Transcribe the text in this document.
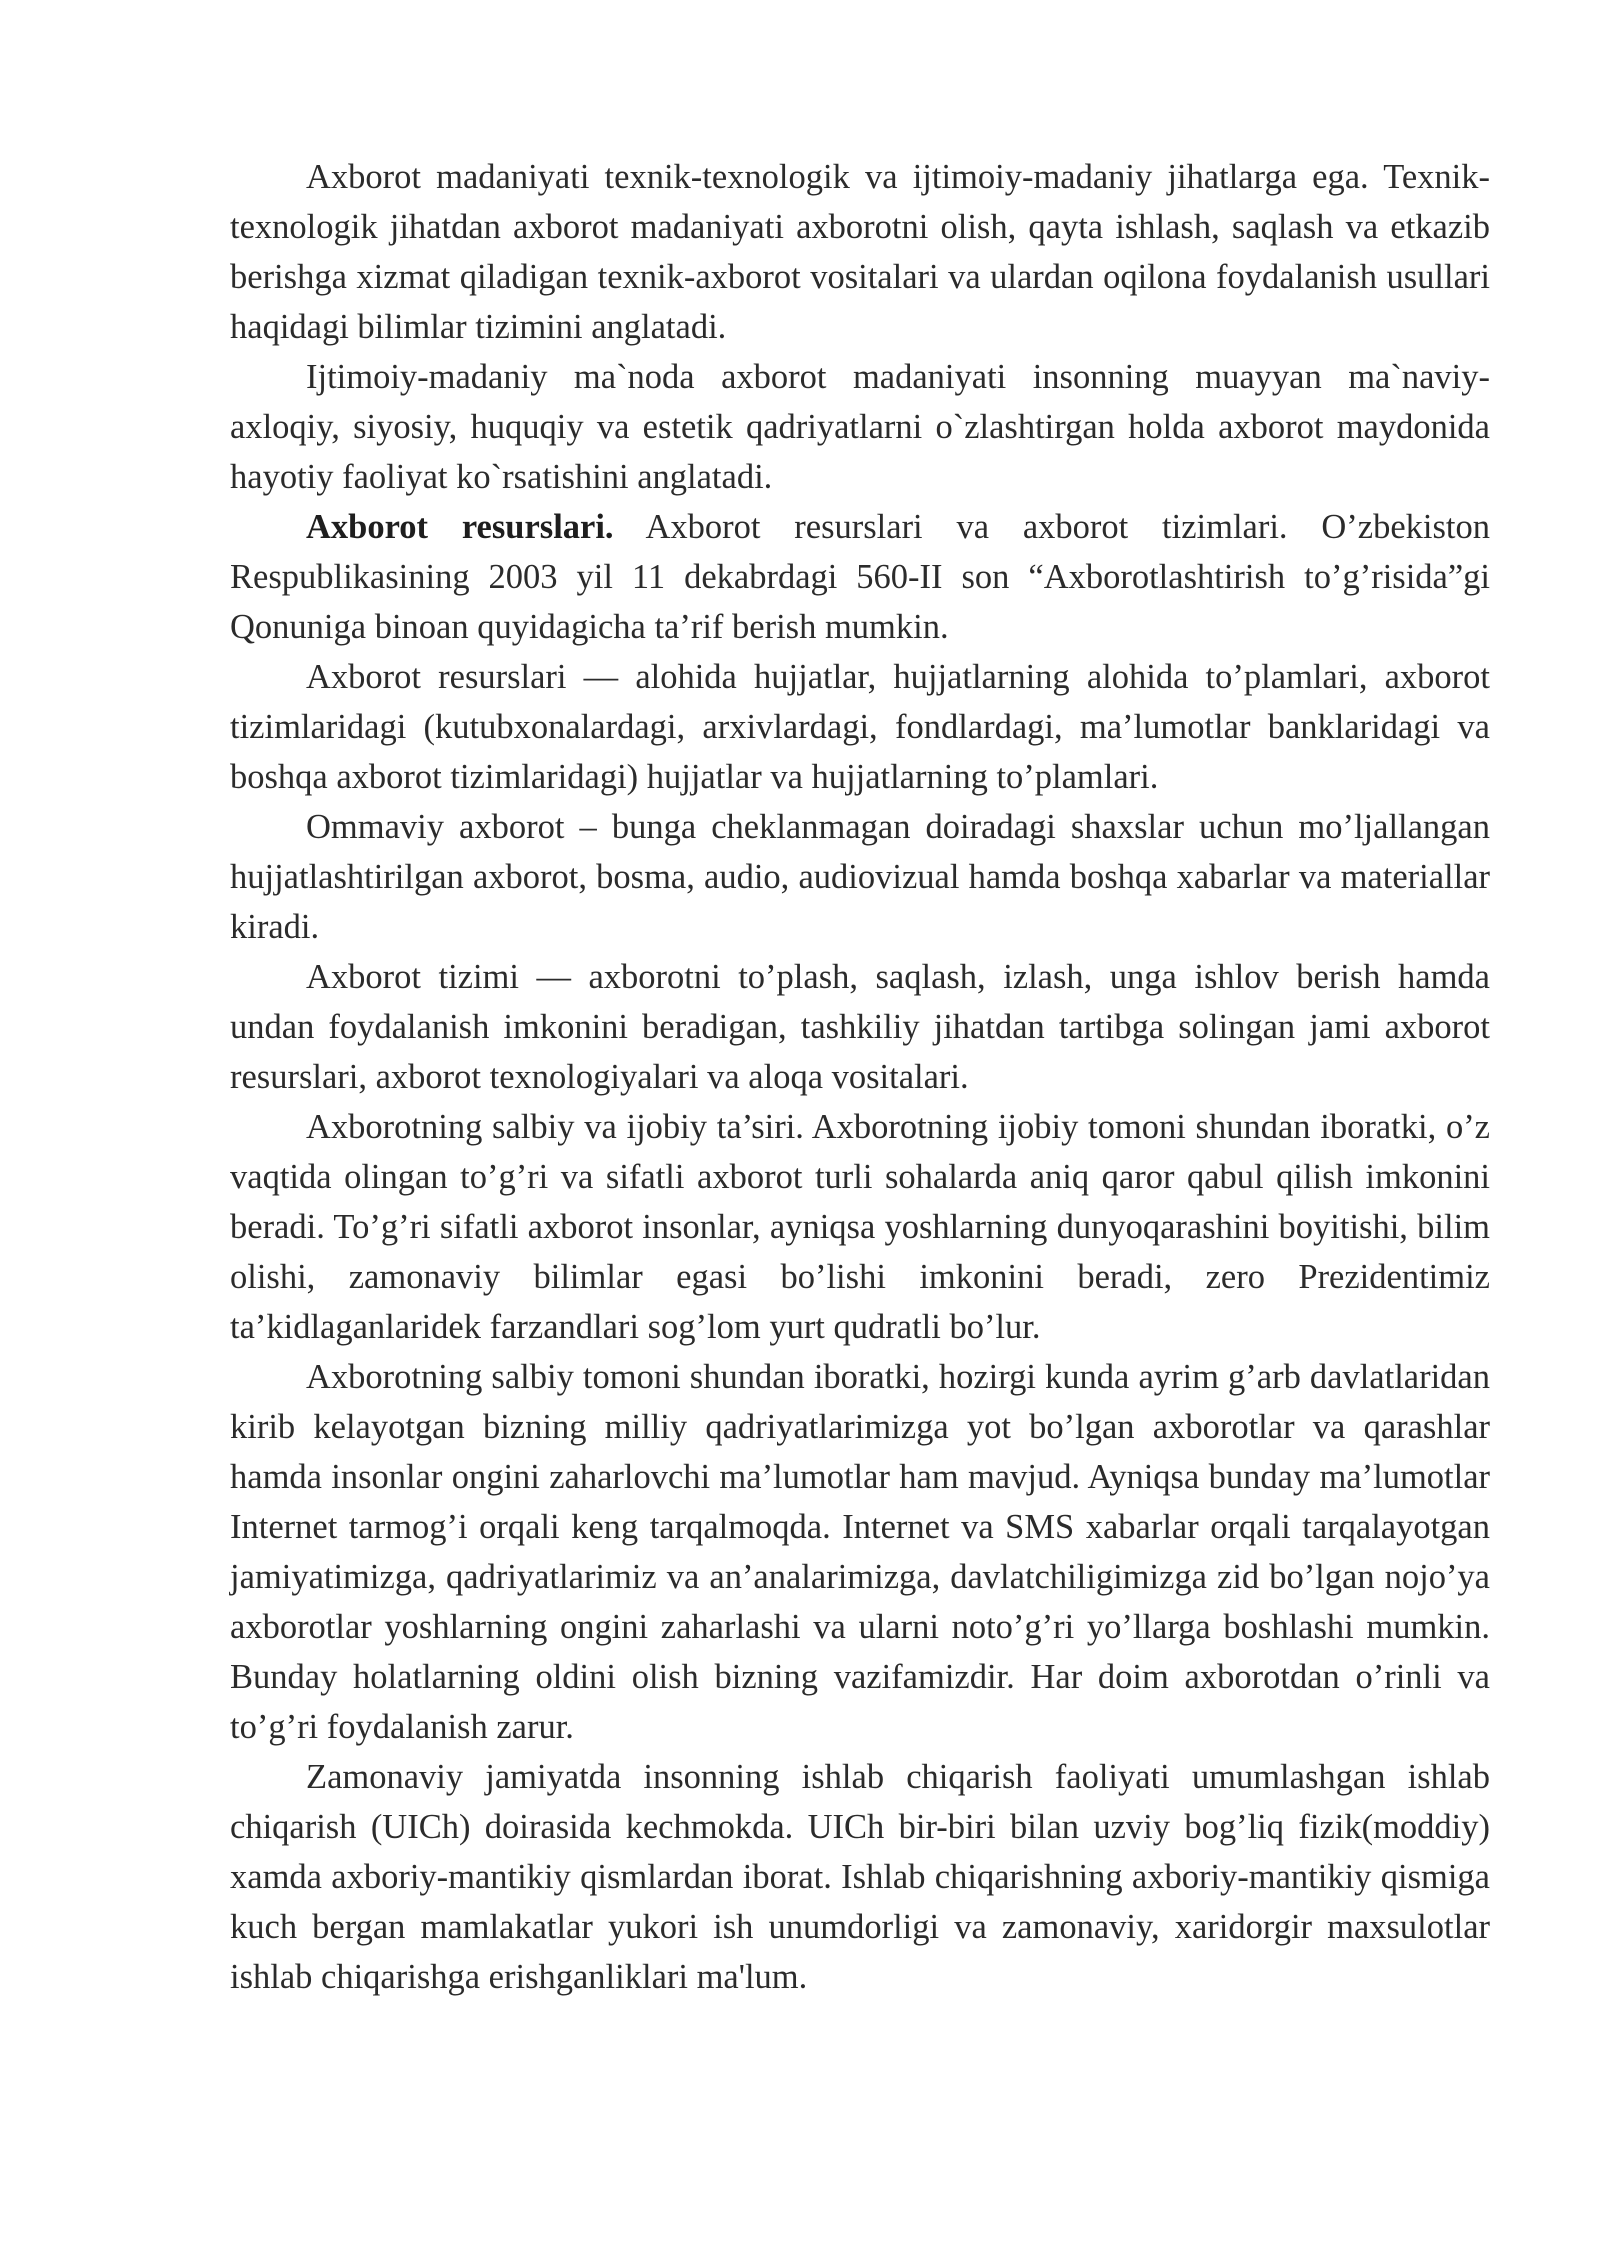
Axborot madaniyati texnik-texnologik va ijtimoiy-madaniy jihatlarga ega. Texnik-texnologik jihatdan axborot madaniyati axborotni olish, qayta ishlash, saqlash va etkazib berishga xizmat qiladigan texnik-axborot vositalari va ulardan oqilona foydalanish usullari haqidagi bilimlar tizimini anglatadi.

Ijtimoiy-madaniy ma`noda axborot madaniyati insonning muayyan ma`naviy-axloqiy, siyosiy, huquqiy va estetik qadriyatlarni o`zlashtirgan holda axborot maydonida hayotiy faoliyat ko`rsatishini anglatadi.

Axborot resurslari. Axborot resurslari va axborot tizimlari. O’zbekiston Respublikasining 2003 yil 11 dekabrdagi 560-II son “Axborotlashtirish to’g’risida”gi Qonuniga binoan quyidagicha ta’rif berish mumkin.

Axborot resurslari — alohida hujjatlar, hujjatlarning alohida to’plamlari, axborot tizimlaridagi (kutubxonalardagi, arxivlardagi, fondlardagi, ma’lumotlar banklaridagi va boshqa axborot tizimlaridagi) hujjatlar va hujjatlarning to’plamlari.

Ommaviy axborot – bunga cheklanmagan doiradagi shaxslar uchun mo’ljallangan hujjatlashtirilgan axborot, bosma, audio, audiovizual hamda boshqa xabarlar va materiallar kiradi.

Axborot tizimi — axborotni to’plash, saqlash, izlash, unga ishlov berish hamda undan foydalanish imkonini beradigan, tashkiliy jihatdan tartibga solingan jami axborot resurslari, axborot texnologiyalari va aloqa vositalari.

Axborotning salbiy va ijobiy ta’siri. Axborotning ijobiy tomoni shundan iboratki, o’z vaqtida olingan to’g’ri va sifatli axborot turli sohalarda aniq qaror qabul qilish imkonini beradi. To’g’ri sifatli axborot insonlar, ayniqsa yoshlarning dunyoqarashini boyitishi, bilim olishi, zamonaviy bilimlar egasi bo’lishi imkonini beradi, zero Prezidentimiz ta’kidlaganlaridek farzandlari sog’lom yurt qudratli bo’lur.

Axborotning salbiy tomoni shundan iboratki, hozirgi kunda ayrim g’arb davlatlaridan kirib kelayotgan bizning milliy qadriyatlarimizga yot bo’lgan axborotlar va qarashlar hamda insonlar ongini zaharlovchi ma’lumotlar ham mavjud. Ayniqsa bunday ma’lumotlar Internet tarmog’i orqali keng tarqalmoqda. Internet va SMS xabarlar orqali tarqalayotgan jamiyatimizga, qadriyatlarimiz va an’analarimizga, davlatchiligimizga zid bo’lgan nojo’ya axborotlar yoshlarning ongini zaharlashi va ularni noto’g’ri yo’llarga boshlashi mumkin. Bunday holatlarning oldini olish bizning vazifamizdir. Har doim axborotdan o’rinli va to’g’ri foydalanish zarur.

Zamonaviy jamiyatda insonning ishlab chiqarish faoliyati umumlashgan ishlab chiqarish (UICh) doirasida kechmokda. UICh bir-biri bilan uzviy bog’liq fizik(moddiy) xamda axboriy-mantikiy qismlardan iborat. Ishlab chiqarishning axboriy-mantikiy qismiga kuch bergan mamlakatlar yukori ish unumdorligi va zamonaviy, xaridorgir maxsulotlar ishlab chiqarishga erishganliklari ma'lum.
